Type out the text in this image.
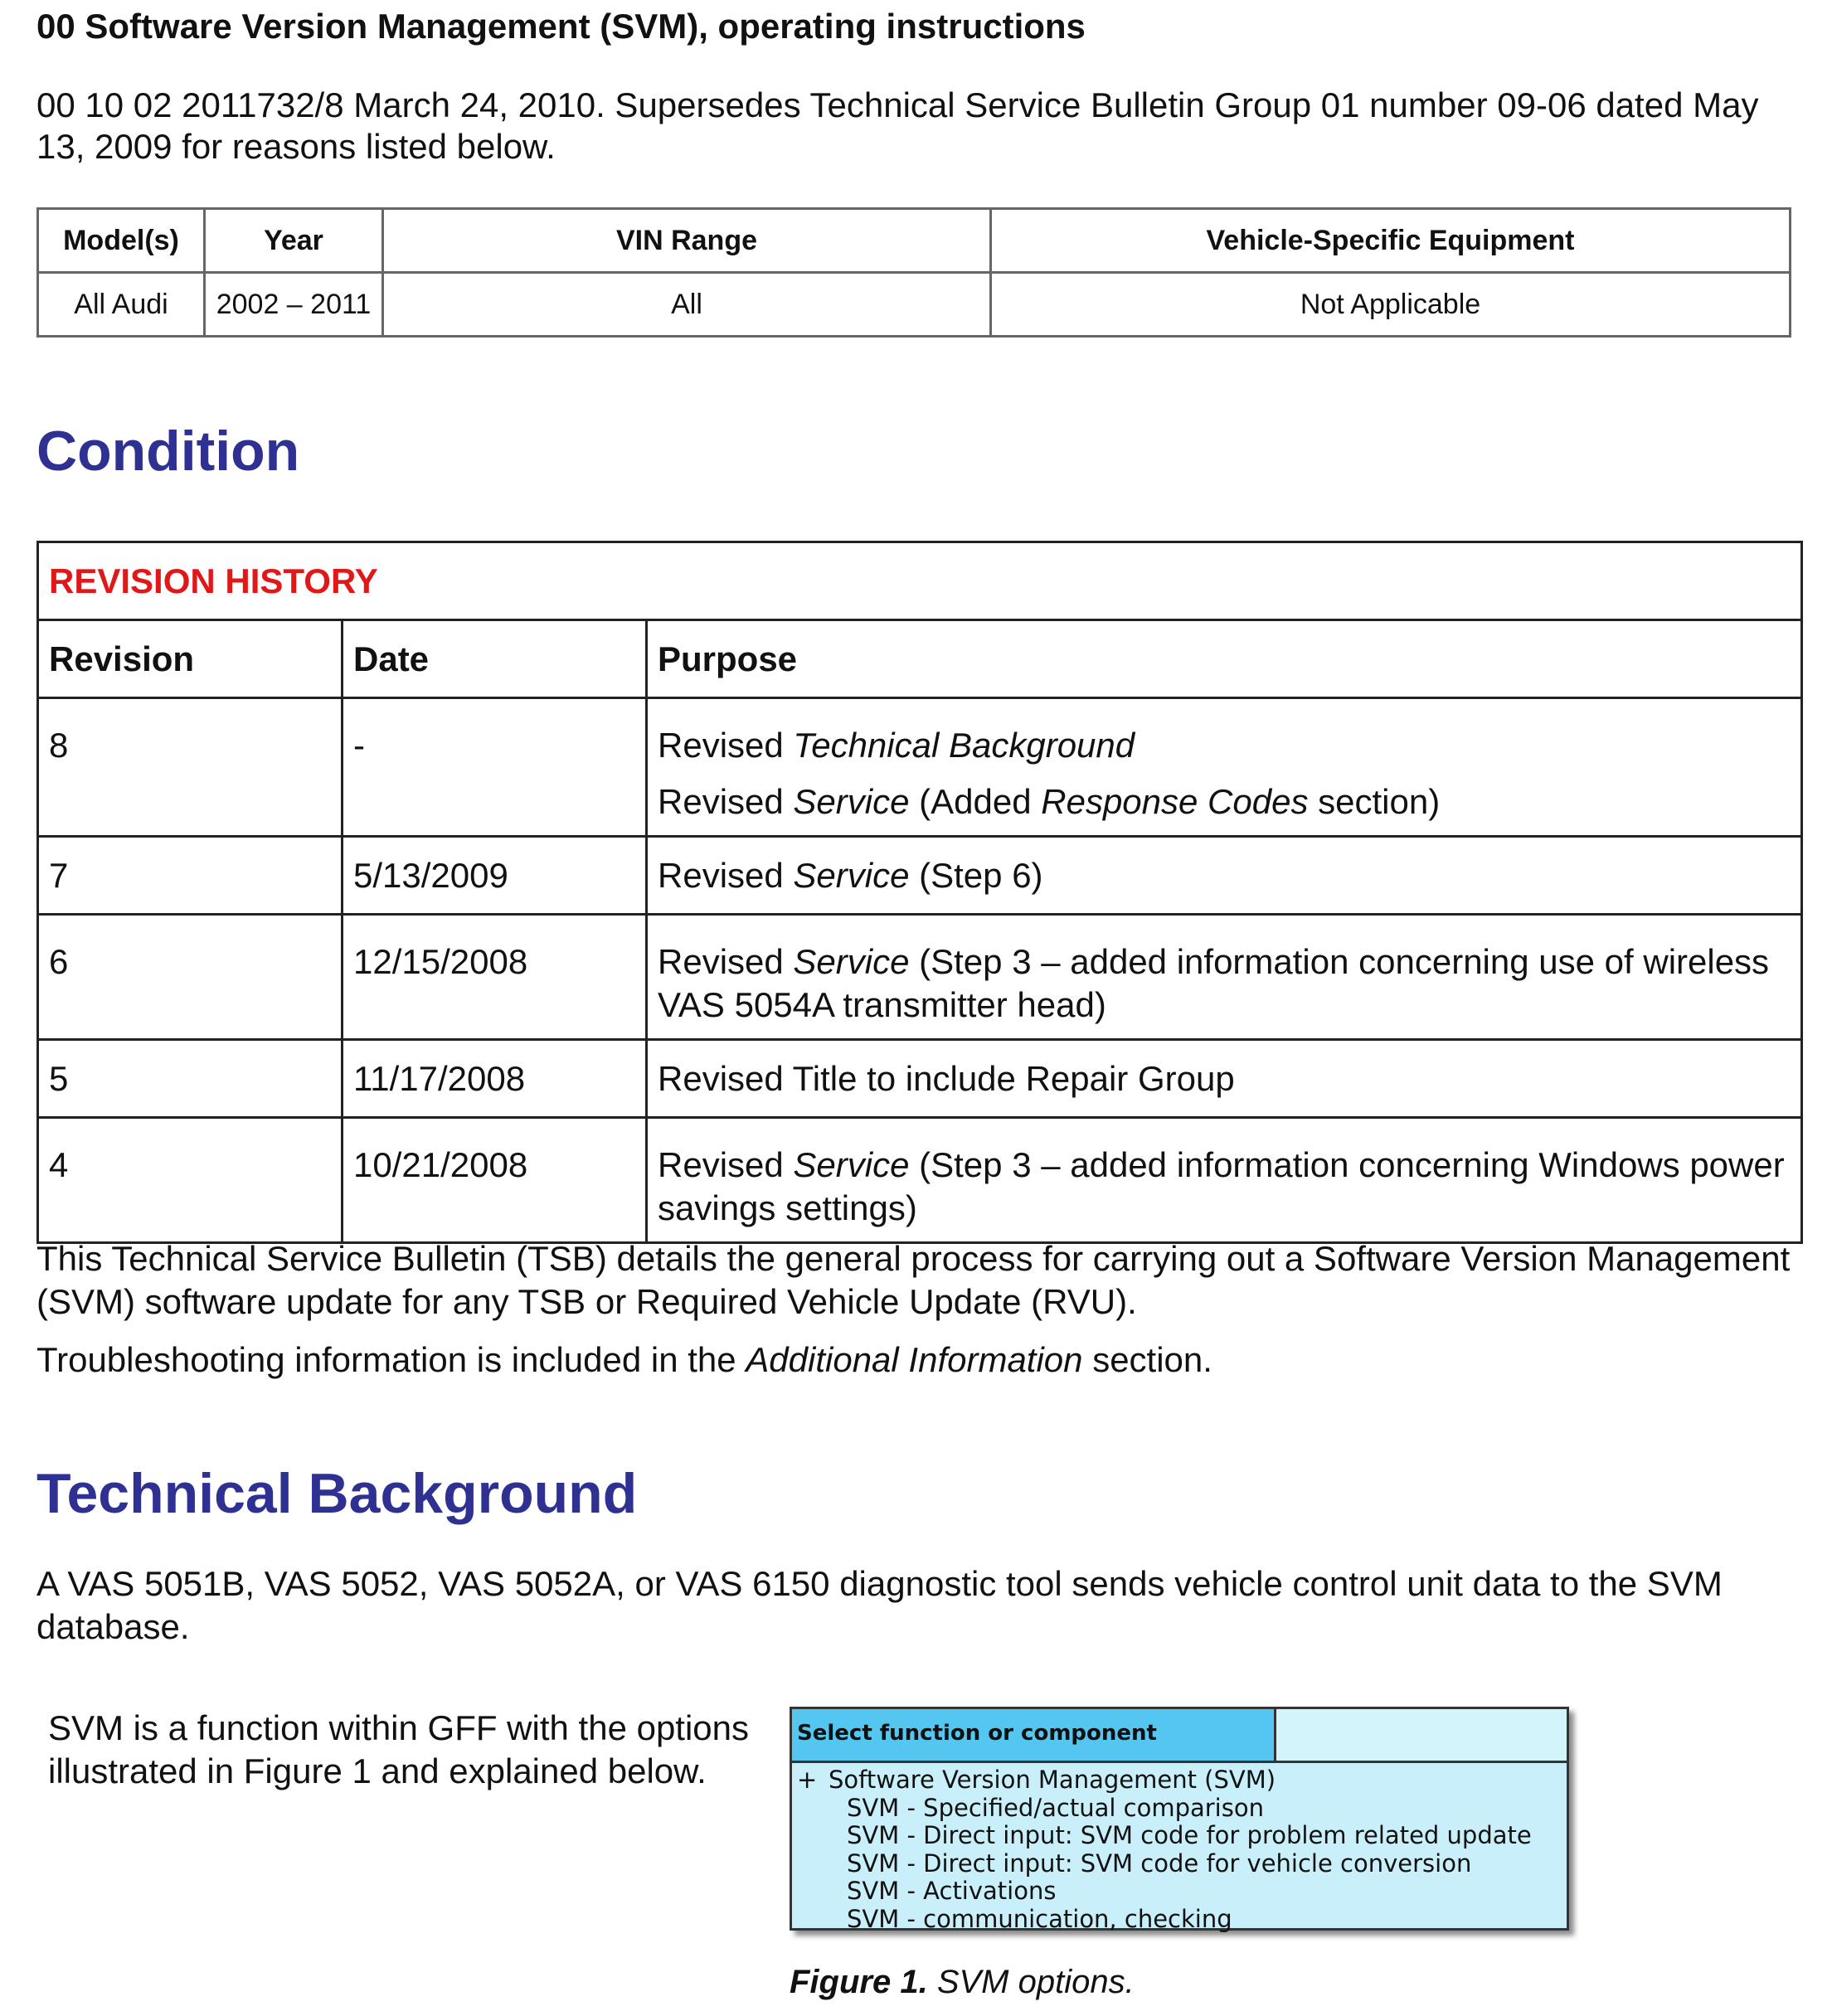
00 Software Version Management (SVM), operating instructions
00 10 02 2011732/8 March 24, 2010. Supersedes Technical Service Bulletin Group 01 number 09-06 dated May 13, 2009 for reasons listed below.
Model(s)	Year	VIN Range	Vehicle-Specific Equipment
All Audi	2002 – 2011	All	Not Applicable
Condition
REVISION HISTORY		
Revision	Date	Purpose
8	-	Revised Technical Background

Revised Service (Added Response Codes section)

7	5/13/2009	Revised Service (Step 6)
6	12/15/2008	Revised Service (Step 3 – added information concerning use of wireless VAS 5054A transmitter head)
5	11/17/2008	Revised Title to include Repair Group
4	10/21/2008	Revised Service (Step 3 – added information concerning Windows power savings settings)
This Technical Service Bulletin (TSB) details the general process for carrying out a Software Version Management (SVM) software update for any TSB or Required Vehicle Update (RVU).
Troubleshooting information is included in the Additional Information section.
Technical Background
A VAS 5051B, VAS 5052, VAS 5052A, or VAS 6150 diagnostic tool sends vehicle control unit data to the SVM database.
SVM is a function within GFF with the options illustrated in Figure 1 and explained below.
Select function or component
+ Software Version Management (SVM)
SVM - Specified/actual comparison
SVM - Direct input: SVM code for problem related update
SVM - Direct input: SVM code for vehicle conversion
SVM - Activations
SVM - communication, checking
Figure 1. SVM options.
